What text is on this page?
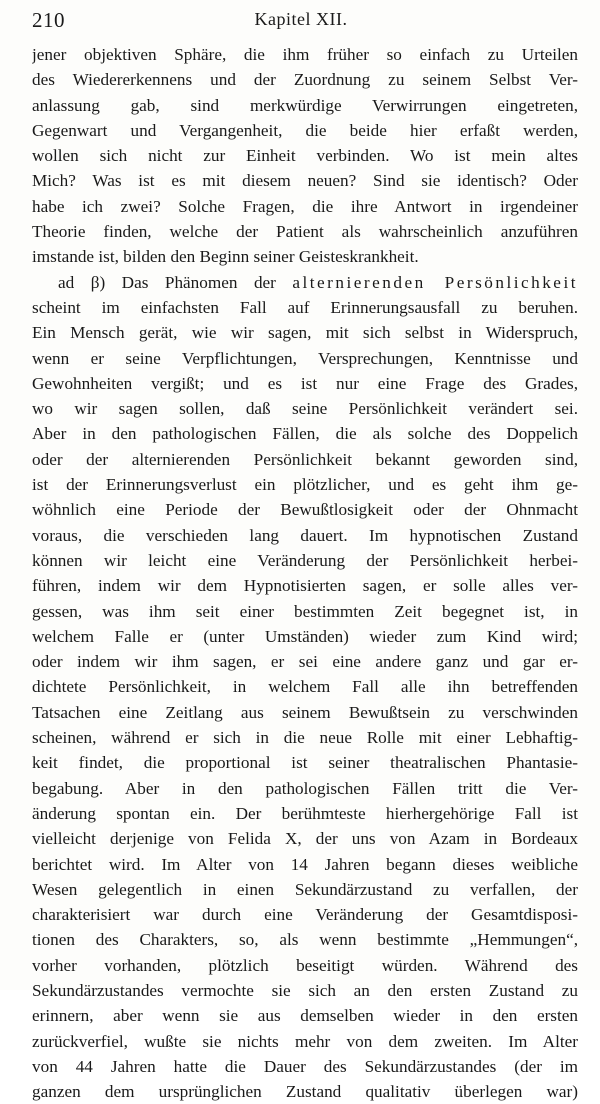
210	Kapitel XII.
jener objektiven Sphäre, die ihm früher so einfach zu Urteilen
des Wiedererkennens und der Zuordnung zu seinem Selbst Ver-
anlassung gab, sind merkwürdige Verwirrungen eingetreten,
Gegenwart und Vergangenheit, die beide hier erfaßt werden,
wollen sich nicht zur Einheit verbinden. Wo ist mein altes
Mich? Was ist es mit diesem neuen? Sind sie identisch? Oder
habe ich zwei? Solche Fragen, die ihre Antwort in irgendeiner
Theorie finden, welche der Patient als wahrscheinlich anzuführen
imstande ist, bilden den Beginn seiner Geisteskrankheit.
ad β) Das Phänomen der alternierenden Persönlichkeit
scheint im einfachsten Fall auf Erinnerungsausfall zu beruhen.
Ein Mensch gerät, wie wir sagen, mit sich selbst in Widerspruch,
wenn er seine Verpflichtungen, Versprechungen, Kenntnisse und
Gewohnheiten vergißt; und es ist nur eine Frage des Grades,
wo wir sagen sollen, daß seine Persönlichkeit verändert sei.
Aber in den pathologischen Fällen, die als solche des Doppelich
oder der alternierenden Persönlichkeit bekannt geworden sind,
ist der Erinnerungsverlust ein plötzlicher, und es geht ihm ge-
wöhnlich eine Periode der Bewußtlosigkeit oder der Ohnmacht
voraus, die verschieden lang dauert. Im hypnotischen Zustand
können wir leicht eine Veränderung der Persönlichkeit herbei-
führen, indem wir dem Hypnotisierten sagen, er solle alles ver-
gessen, was ihm seit einer bestimmten Zeit begegnet ist, in
welchem Falle er (unter Umständen) wieder zum Kind wird;
oder indem wir ihm sagen, er sei eine andere ganz und gar er-
dichtete Persönlichkeit, in welchem Fall alle ihn betreffenden
Tatsachen eine Zeitlang aus seinem Bewußtsein zu verschwinden
scheinen, während er sich in die neue Rolle mit einer Lebhaftig-
keit findet, die proportional ist seiner theatralischen Phantasie-
begabung. Aber in den pathologischen Fällen tritt die Ver-
änderung spontan ein. Der berühmteste hierhergehörige Fall ist
vielleicht derjenige von Felida X, der uns von Azam in Bordeaux
berichtet wird. Im Alter von 14 Jahren begann dieses weibliche
Wesen gelegentlich in einen Sekundärzustand zu verfallen, der
charakterisiert war durch eine Veränderung der Gesamtdisposi-
tionen des Charakters, so, als wenn bestimmte „Hemmungen“,
vorher vorhanden, plötzlich beseitigt würden. Während des
Sekundärzustandes vermochte sie sich an den ersten Zustand zu
erinnern, aber wenn sie aus demselben wieder in den ersten
zurückverfiel, wußte sie nichts mehr von dem zweiten. Im Alter
von 44 Jahren hatte die Dauer des Sekundärzustandes (der im
ganzen dem ursprünglichen Zustand qualitativ überlegen war)
